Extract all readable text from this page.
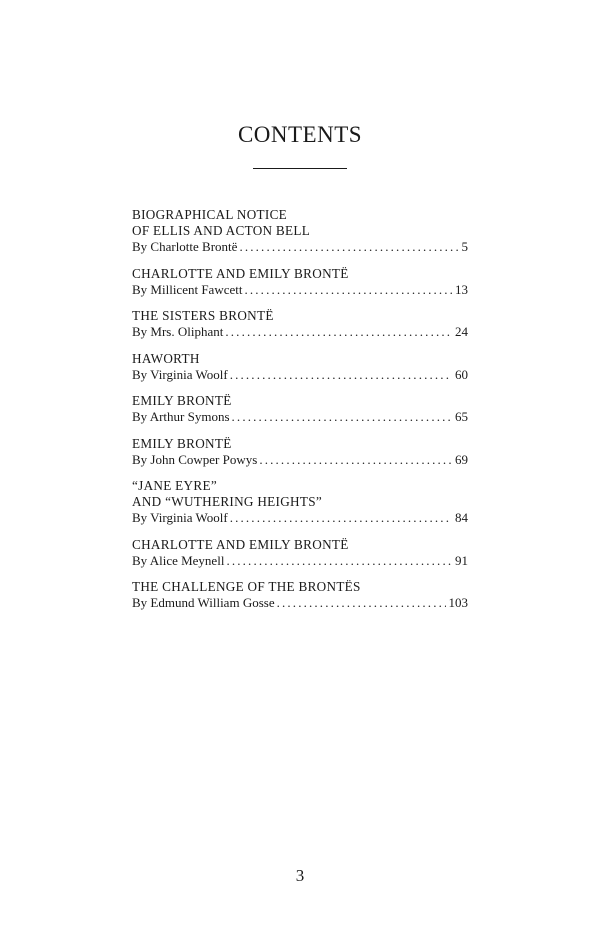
CONTENTS
BIOGRAPHICAL NOTICE
OF ELLIS AND ACTON BELL
By Charlotte Brontë . . .	5
CHARLOTTE AND EMILY BRONTË
By Millicent Fawcett . . .	13
THE SISTERS BRONTË
By Mrs. Oliphant . . .	24
HAWORTH
By Virginia Woolf . . .	60
EMILY BRONTË
By Arthur Symons . . .	65
EMILY BRONTË
By John Cowper Powys . . .	69
“JANE EYRE”
AND “WUTHERING HEIGHTS”
By Virginia Woolf . . .	84
CHARLOTTE AND EMILY BRONTË
By Alice Meynell . . .	91
THE CHALLENGE OF THE BRONTËS
By Edmund William Gosse . . .	103
3
